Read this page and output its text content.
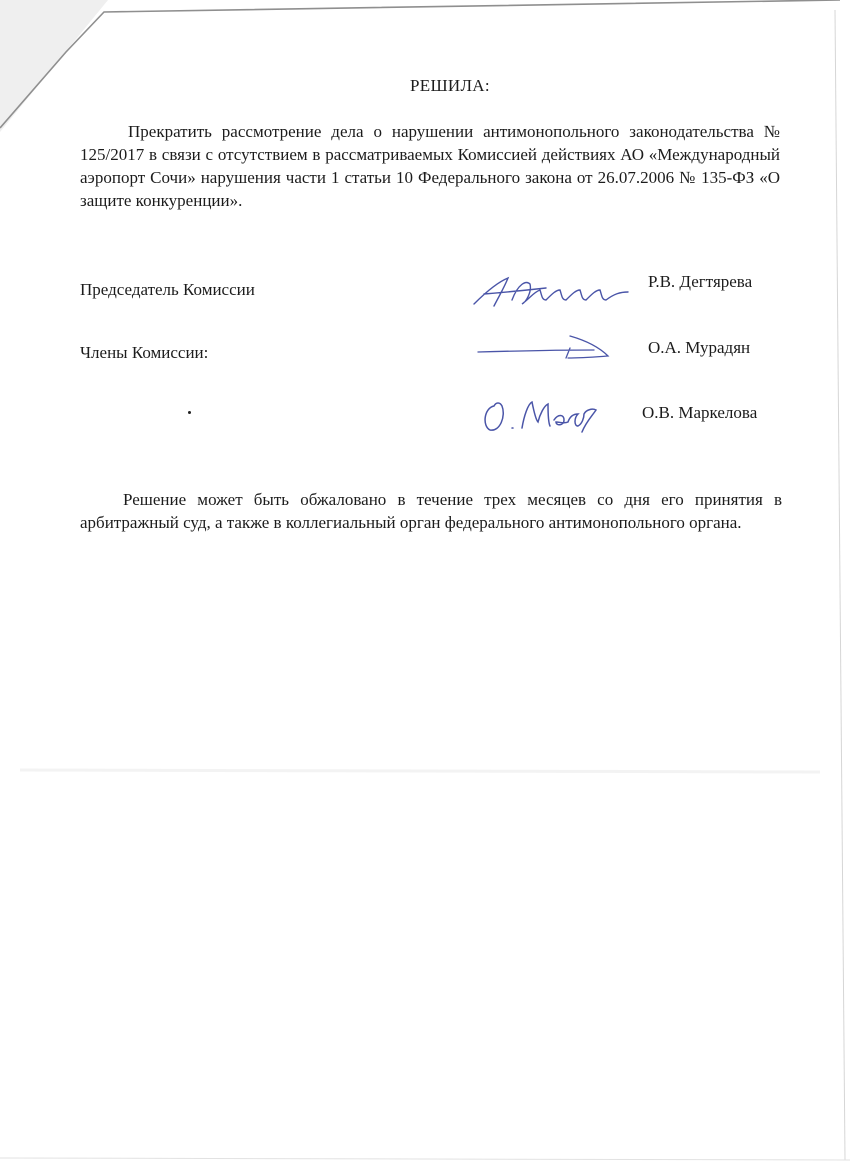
РЕШИЛА:

Прекратить рассмотрение дела о нарушении антимонопольного законодательства № 125/2017 в связи с отсутствием в рассматриваемых Комиссией действиях АО «Международный аэропорт Сочи» нарушения части 1 статьи 10 Федерального закона от 26.07.2006 № 135-ФЗ «О защите конкуренции».

Председатель Комиссии	Р.В. Дегтярева

Члены Комиссии:	О.А. Мурадян

О.В. Маркелова

Решение может быть обжаловано в течение трех месяцев со дня его принятия в арбитражный суд, а также в коллегиальный орган федерального антимонопольного органа.
